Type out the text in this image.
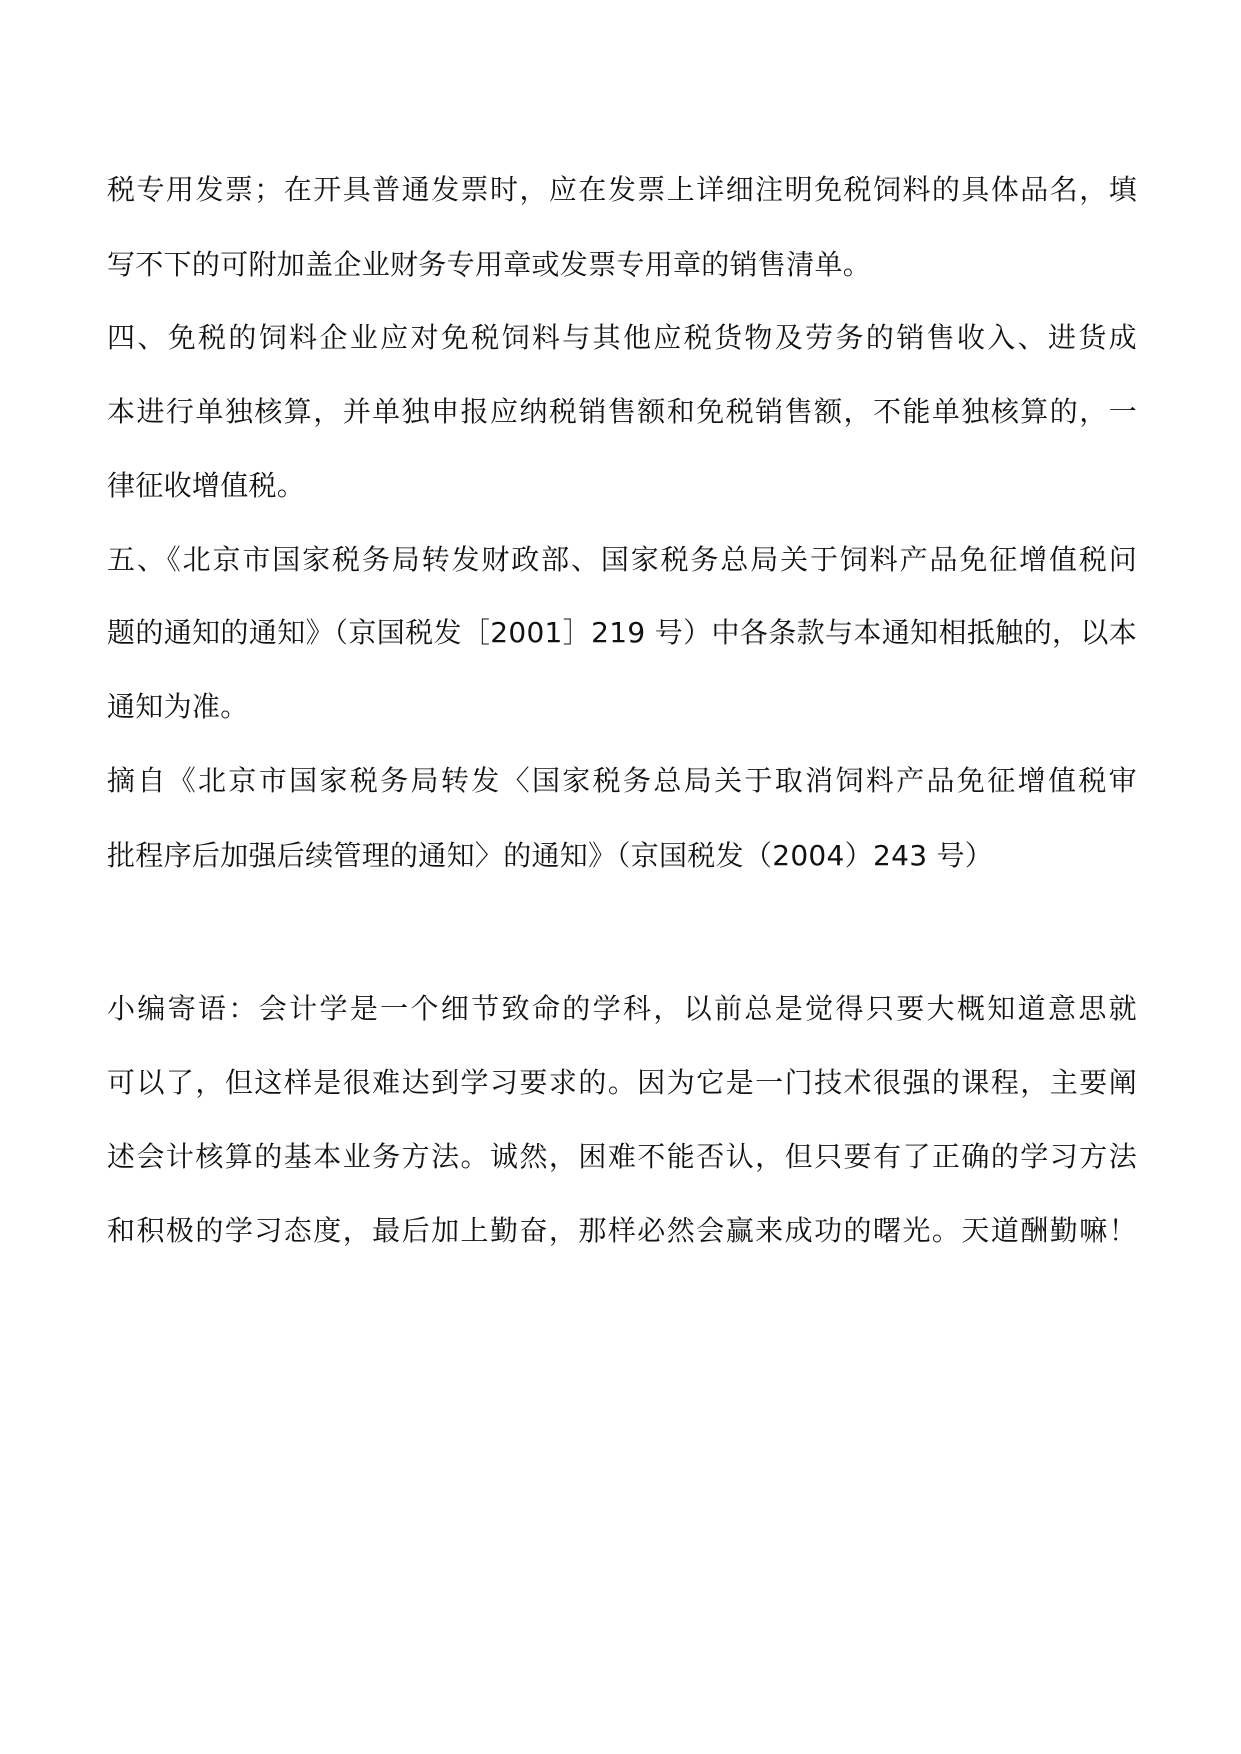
税专用发票；在开具普通发票时，应在发票上详细注明免税饲料的具体品名，填
写不下的可附加盖企业财务专用章或发票专用章的销售清单。
四、免税的饲料企业应对免税饲料与其他应税货物及劳务的销售收入、进货成
本进行单独核算，并单独申报应纳税销售额和免税销售额，不能单独核算的，一
律征收增值税。
五、《北京市国家税务局转发财政部、国家税务总局关于饲料产品免征增值税问
题的通知的通知》（京国税发［2001］219 号）中各条款与本通知相抵触的，以本
通知为准。
摘自《北京市国家税务局转发〈国家税务总局关于取消饲料产品免征增值税审
批程序后加强后续管理的通知〉的通知》（京国税发（2004）243 号）
小编寄语：会计学是一个细节致命的学科，以前总是觉得只要大概知道意思就
可以了，但这样是很难达到学习要求的。因为它是一门技术很强的课程，主要阐
述会计核算的基本业务方法。诚然，困难不能否认，但只要有了正确的学习方法
和积极的学习态度，最后加上勤奋，那样必然会赢来成功的曙光。天道酬勤嘛！
